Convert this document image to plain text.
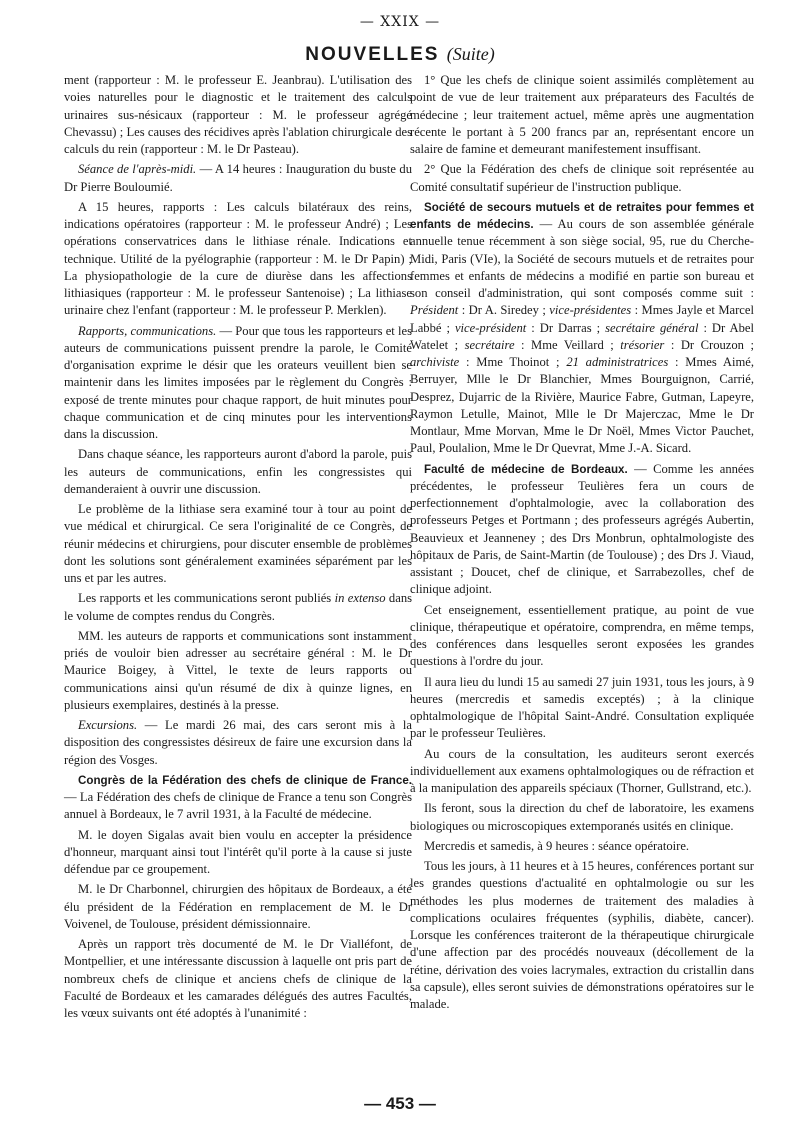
— XXIX —
NOUVELLES (Suite)

ment (rapporteur : M. le professeur E. Jeanbrau). L'utilisation des voies naturelles pour le diagnostic et le traitement des calculs urinaires sus-nésicaux (rapporteur : M. le professeur agrégé Chevassu) ; Les causes des récidives après l'ablation chirurgicale des calculs du rein (rapporteur : M. le Dr Pasteau).

Séance de l'après-midi. — A 14 heures : Inauguration du buste du Dr Pierre Bouloumié.

A 15 heures, rapports : Les calculs bilatéraux des reins, indications opératoires (rapporteur : M. le professeur André) ; Les opérations conservatrices dans le lithiase rénale. Indications et technique. Utilité de la pyélographie (rapporteur : M. le Dr Papin) ; La physiopathologie de la cure de diurèse dans les affections lithiasiques (rapporteur : M. le professeur Santenoise) ; La lithiase urinaire chez l'enfant (rapporteur : M. le professeur P. Merklen).

Rapports, communications. — Pour que tous les rapporteurs et les auteurs de communications puissent prendre la parole, le Comité d'organisation exprime le désir que les orateurs veuillent bien se maintenir dans les limites imposées par le règlement du Congrès : exposé de trente minutes pour chaque rapport, de huit minutes pour chaque communication et de cinq minutes pour les interventions dans la discussion.

Dans chaque séance, les rapporteurs auront d'abord la parole, puis les auteurs de communications, enfin les congressistes qui demanderaient à ouvrir une discussion.

Le problème de la lithiase sera examiné tour à tour au point de vue médical et chirurgical. Ce sera l'originalité de ce Congrès, de réunir médecins et chirurgiens, pour discuter ensemble de problèmes dont les solutions sont généralement examinées séparément par les uns et par les autres.

Les rapports et les communications seront publiés in extenso dans le volume de comptes rendus du Congrès.

MM. les auteurs de rapports et communications sont instamment priés de vouloir bien adresser au secrétaire général : M. le Dr Maurice Boigey, à Vittel, le texte de leurs rapports ou communications ainsi qu'un résumé de dix à quinze lignes, en plusieurs exemplaires, destinés à la presse.

Excursions. — Le mardi 26 mai, des cars seront mis à la disposition des congressistes désireux de faire une excursion dans la région des Vosges.

Congrès de la Fédération des chefs de clinique de France. — La Fédération des chefs de clinique de France a tenu son Congrès annuel à Bordeaux, le 7 avril 1931, à la Faculté de médecine.

M. le doyen Sigalas avait bien voulu en accepter la présidence d'honneur, marquant ainsi tout l'intérêt qu'il porte à la cause si juste défendue par ce groupement.

M. le Dr Charbonnel, chirurgien des hôpitaux de Bordeaux, a été élu président de la Fédération en remplacement de M. le Dr Voivenel, de Toulouse, président démissionnaire.

Après un rapport très documenté de M. le Dr Vialléfont, de Montpellier, et une intéressante discussion à laquelle ont pris part de nombreux chefs de clinique et anciens chefs de clinique de la Faculté de Bordeaux et les camarades délégués des autres Facultés, les vœux suivants ont été adoptés à l'unanimité :

1° Que les chefs de clinique soient assimilés complètement au point de vue de leur traitement aux préparateurs des Facultés de médecine ; leur traitement actuel, même après une augmentation récente le portant à 5 200 francs par an, représentant encore un salaire de famine et demeurant manifestement insuffisant.

2° Que la Fédération des chefs de clinique soit représentée au Comité consultatif supérieur de l'instruction publique.

Société de secours mutuels et de retraites pour femmes et enfants de médecins. — Au cours de son assemblée générale annuelle tenue récemment à son siège social, 95, rue du Cherche-Midi, Paris (VIe), la Société de secours mutuels et de retraites pour femmes et enfants de médecins a modifié en partie son bureau et son conseil d'administration, qui sont composés comme suit : Président : Dr A. Siredey ; vice-présidentes : Mmes Jayle et Marcel Labbé ; vice-président : Dr Darras ; secrétaire général : Dr Abel Watelet ; secrétaire : Mme Veillard ; trésorier : Dr Crouzon ; archiviste : Mme Thoinot ; 21 administratrices : Mmes Aimé, Berruyer, Mlle le Dr Blanchier, Mmes Bourguignon, Carrié, Desprez, Dujarric de la Rivière, Maurice Fabre, Gutman, Lapeyre, Raymon Letulle, Mainot, Mlle le Dr Majerczac, Mme le Dr Montlaur, Mme Morvan, Mme le Dr Noël, Mmes Victor Pauchet, Paul, Poulalion, Mme le Dr Quevrat, Mme J.-A. Sicard.

Faculté de médecine de Bordeaux. — Comme les années précédentes, le professeur Teulières fera un cours de perfectionnement d'ophtalmologie, avec la collaboration des professeurs Petges et Portmann ; des professeurs agrégés Aubertin, Beauvieux et Jeanneney ; des Drs Monbrun, ophtalmologiste des hôpitaux de Paris, de Saint-Martin (de Toulouse) ; des Drs J. Viaud, assistant ; Doucet, chef de clinique, et Sarrabezolles, chef de clinique adjoint.

Cet enseignement, essentiellement pratique, au point de vue clinique, thérapeutique et opératoire, comprendra, en même temps, des conférences dans lesquelles seront exposées les grandes questions à l'ordre du jour.

Il aura lieu du lundi 15 au samedi 27 juin 1931, tous les jours, à 9 heures (mercredis et samedis exceptés) ; à la clinique ophtalmologique de l'hôpital Saint-André. Consultation expliquée par le professeur Teulières.

Au cours de la consultation, les auditeurs seront exercés individuellement aux examens ophtalmologiques ou de réfraction et à la manipulation des appareils spéciaux (Thorner, Gullstrand, etc.).

Ils feront, sous la direction du chef de laboratoire, les examens biologiques ou microscopiques extemporanés usités en clinique.

Mercredis et samedis, à 9 heures : séance opératoire.

Tous les jours, à 11 heures et à 15 heures, conférences portant sur les grandes questions d'actualité en ophtalmologie ou sur les méthodes les plus modernes de traitement des maladies à complications oculaires fréquentes (syphilis, diabète, cancer). Lorsque les conférences traiteront de la thérapeutique chirurgicale d'une affection par des procédés nouveaux (décollement de la rétine, dérivation des voies lacrymales, extraction du cristallin dans sa capsule), elles seront suivies de démonstrations opératoires sur le malade.

— 453 —
